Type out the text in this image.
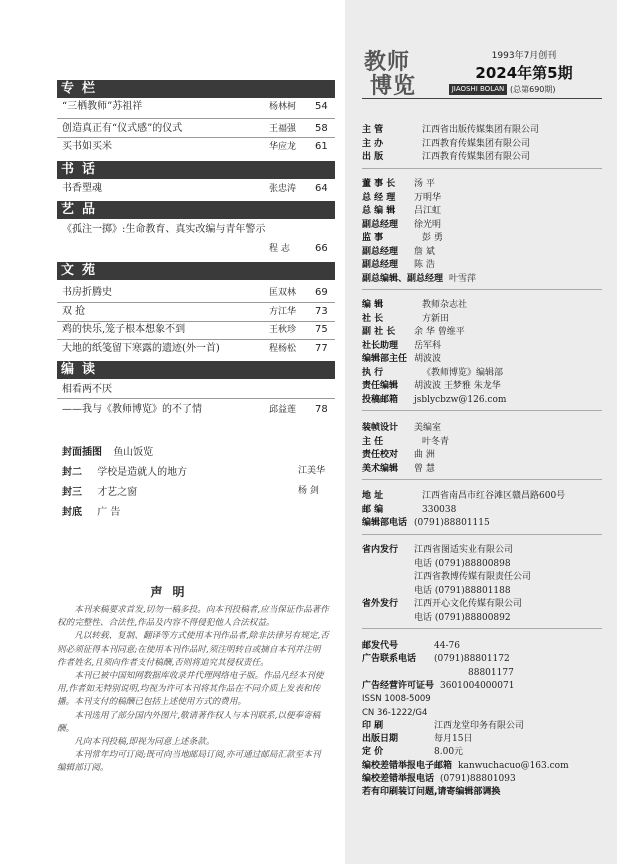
专栏
“三栖教师”苏祖祥	杨林柯 54
创造真正有“仪式感”的仪式	王福强 58
买书如买米	华应龙 61
书话
书香塑魂	张忠涛 64
艺品
《孤注一掷》:生命教育、真实改编与青年警示
程 志	66
文苑
书房折腾史	匡双林 69
双 抢	方江华 73
鸡的快乐,笼子根本想象不到	王秋珍 75
大地的纸笺留下寒露的遗迹(外一首)	程杨松 77
编读
相看两不厌
——我与《教师博览》的不了情	邱益莲 78
封面插图 鱼山饭览
封二 学校是造就人的地方	江美华
封三 才艺之窗	杨 剑
封底 广 告
声明

本刊来稿要求首发,切勿一稿多投。向本刊投稿者,应当保证作品著作权的完整性、合法性,作品及内容不得侵犯他人合法权益。

凡以转载、复制、翻译等方式使用本刊作品者,除非法律另有规定,否则必须征得本刊同意;在使用本刊作品时,须注明转自或摘自本刊并注明作者姓名,且须向作者支付稿酬,否则将追究其侵权责任。

本刊已被中国知网数据库收录并代理网络电子版。作品凡经本刊使用,作者如无特别说明,均视为许可本刊将其作品在不同介质上发表和传播。本刊支付的稿酬已包括上述使用方式的费用。

本刊选用了部分国内外图片,敬请著作权人与本刊联系,以便奉寄稿酬。

凡向本刊投稿,即视为同意上述条款。

本刊常年均可订阅;既可向当地邮局订阅,亦可通过邮局汇款至本刊编辑部订阅。

教师
博览
1993年7月创刊
2024年第5期
JIAOSHI BOLAN (总第690期)
主 管	江西省出版传媒集团有限公司
主 办	江西教育传媒集团有限公司
出 版	江西教育传媒集团有限公司
董 事 长 汤 平
总 经 理 万明华
总 编 辑 吕江虹
副总经理 徐光明
监 事	彭 勇
副总经理 詹 斌
副总经理 陈 浩
副总编辑、副总经理 叶雪萍
编 辑	教师杂志社
社 长	方新田
副 社 长 余 华 曾维平
社长助理 岳军科
编辑部主任 胡波波
执 行	《教师博览》编辑部
责任编辑 胡波波 王梦雅 朱龙华
投稿邮箱 jsblycbzw@126.com
装帧设计 美编室
主 任	叶冬青
责任校对 曲 洲
美术编辑 曾 慧
地 址	江西省南昌市红谷滩区赣昌路600号
邮 编	330038
编辑部电话 (0791)88801115
省内发行 江西省图适实业有限公司
电话 (0791)88800898
江西省教博传媒有限责任公司
电话 (0791)88801188
省外发行 江西开心文化传媒有限公司
电话 (0791)88800892
邮发代号	44-76
广告联系电话 (0791)88801172
88801177
广告经营许可证号 3601004000071
ISSN 1008-5009
CN 36-1222/G4
印 刷	江西龙堂印务有限公司
出版日期	每月15日
定 价	8.00元
编校差错举报电子邮箱 kanwuchacuo@163.com
编校差错举报电话 (0791)88801093
若有印刷装订问题,请寄编辑部调换
